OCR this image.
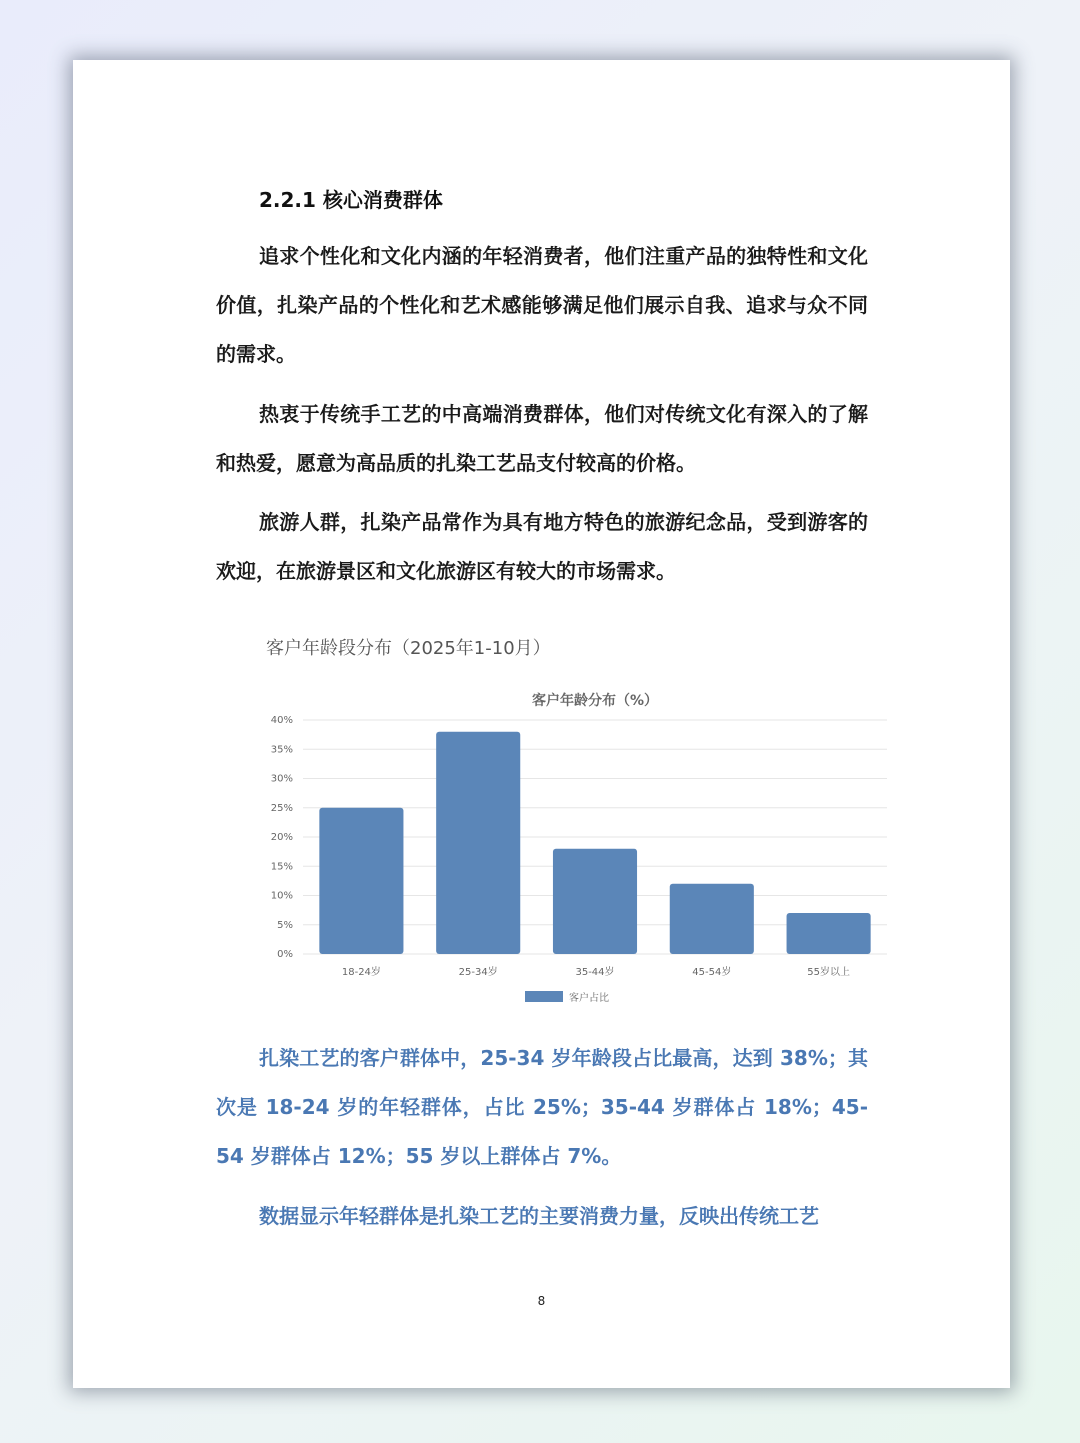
2.2.1 核心消费群体

追求个性化和文化内涵的年轻消费者，他们注重产品的独特性和文化价值，扎染产品的个性化和艺术感能够满足他们展示自我、追求与众不同的需求。

热衷于传统手工艺的中高端消费群体，他们对传统文化有深入的了解和热爱，愿意为高品质的扎染工艺品支付较高的价格。

旅游人群，扎染产品常作为具有地方特色的旅游纪念品，受到游客的欢迎，在旅游景区和文化旅游区有较大的市场需求。

客户年龄段分布（2025年1-10月）
客户年龄分布（%）
0%
5%
10%
15%
20%
25%
30%
35%
40%
18-24岁	25-34岁	35-44岁	45-54岁	55岁以上
客户占比

扎染工艺的客户群体中，25-34 岁年龄段占比最高，达到 38%；其次是 18-24 岁的年轻群体，占比 25%；35-44 岁群体占 18%；45-54 岁群体占 12%；55 岁以上群体占 7%。

数据显示年轻群体是扎染工艺的主要消费力量，反映出传统工艺

8
